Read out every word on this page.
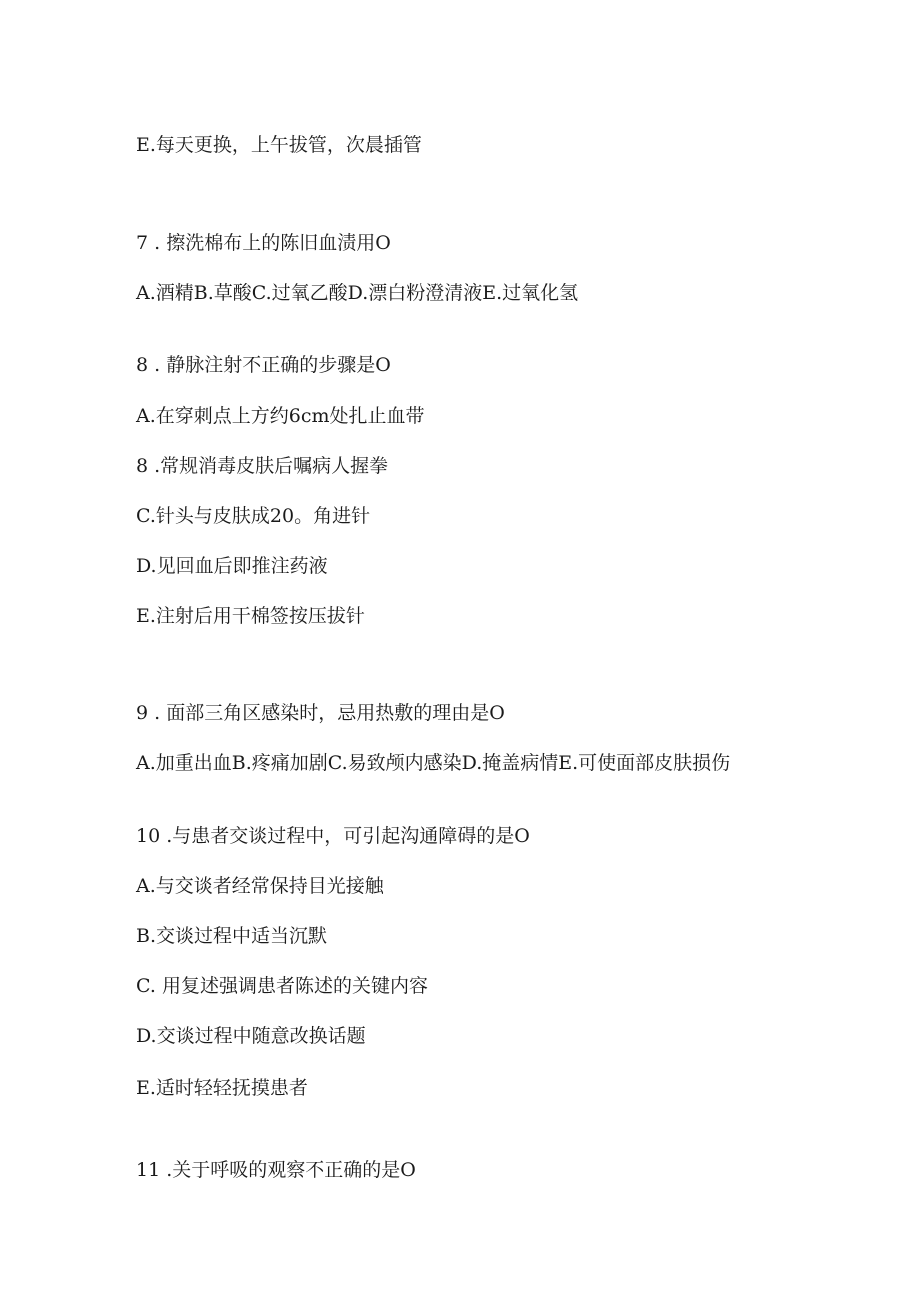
E.每天更换，上午拔管，次晨插管

7 . 擦洗棉布上的陈旧血渍用O

A.酒精B.草酸C.过氧乙酸D.漂白粉澄清液E.过氧化氢

8 . 静脉注射不正确的步骤是O

A.在穿刺点上方约6cm处扎止血带

8 .常规消毒皮肤后嘱病人握拳

C.针头与皮肤成20。角进针

D.见回血后即推注药液

E.注射后用干棉签按压拔针

9 . 面部三角区感染时，忌用热敷的理由是O

A.加重出血B.疼痛加剧C.易致颅内感染D.掩盖病情E.可使面部皮肤损伤

10 .与患者交谈过程中，可引起沟通障碍的是O

A.与交谈者经常保持目光接触

B.交谈过程中适当沉默

C. 用复述强调患者陈述的关键内容

D.交谈过程中随意改换话题

E.适时轻轻抚摸患者

11 .关于呼吸的观察不正确的是O
